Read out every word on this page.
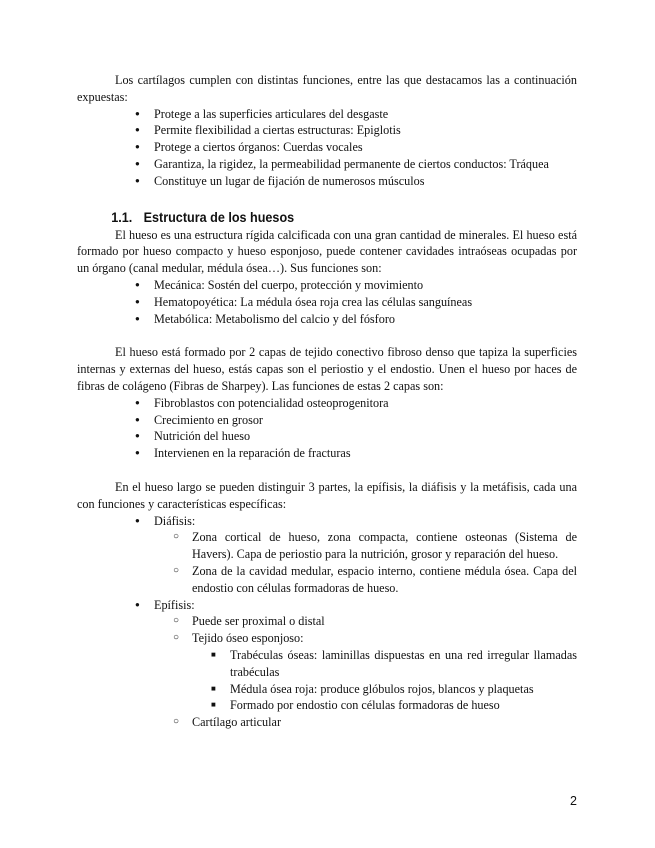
Los cartílagos cumplen con distintas funciones, entre las que destacamos las a continuación expuestas:

● Protege a las superficies articulares del desgaste
● Permite flexibilidad a ciertas estructuras: Epiglotis
● Protege a ciertos órganos: Cuerdas vocales
● Garantiza, la rigidez, la permeabilidad permanente de ciertos conductos: Tráquea
● Constituye un lugar de fijación de numerosos músculos
1.1. Estructura de los huesos

El hueso es una estructura rígida calcificada con una gran cantidad de minerales. El hueso está formado por hueso compacto y hueso esponjoso, puede contener cavidades intraóseas ocupadas por un órgano (canal medular, médula ósea…). Sus funciones son:

● Mecánica: Sostén del cuerpo, protección y movimiento
● Hematopoyética: La médula ósea roja crea las células sanguíneas
● Metabólica: Metabolismo del calcio y del fósforo

El hueso está formado por 2 capas de tejido conectivo fibroso denso que tapiza la superficies internas y externas del hueso, estás capas son el periostio y el endostio. Unen el hueso por haces de fibras de colágeno (Fibras de Sharpey). Las funciones de estas 2 capas son:

● Fibroblastos con potencialidad osteoprogenitora
● Crecimiento en grosor
● Nutrición del hueso
● Intervienen en la reparación de fracturas

En el hueso largo se pueden distinguir 3 partes, la epífisis, la diáfisis y la metáfisis, cada una con funciones y características específicas:

● Diáfisis:
○ Zona cortical de hueso, zona compacta, contiene osteonas (Sistema de Havers). Capa de periostio para la nutrición, grosor y reparación del hueso.
○ Zona de la cavidad medular, espacio interno, contiene médula ósea. Capa del endostio con células formadoras de hueso.
● Epífisis:
○ Puede ser proximal o distal
○ Tejido óseo esponjoso:
■ Trabéculas óseas: laminillas dispuestas en una red irregular llamadas trabéculas
■ Médula ósea roja: produce glóbulos rojos, blancos y plaquetas
■ Formado por endostio con células formadoras de hueso
○ Cartílago articular
2
